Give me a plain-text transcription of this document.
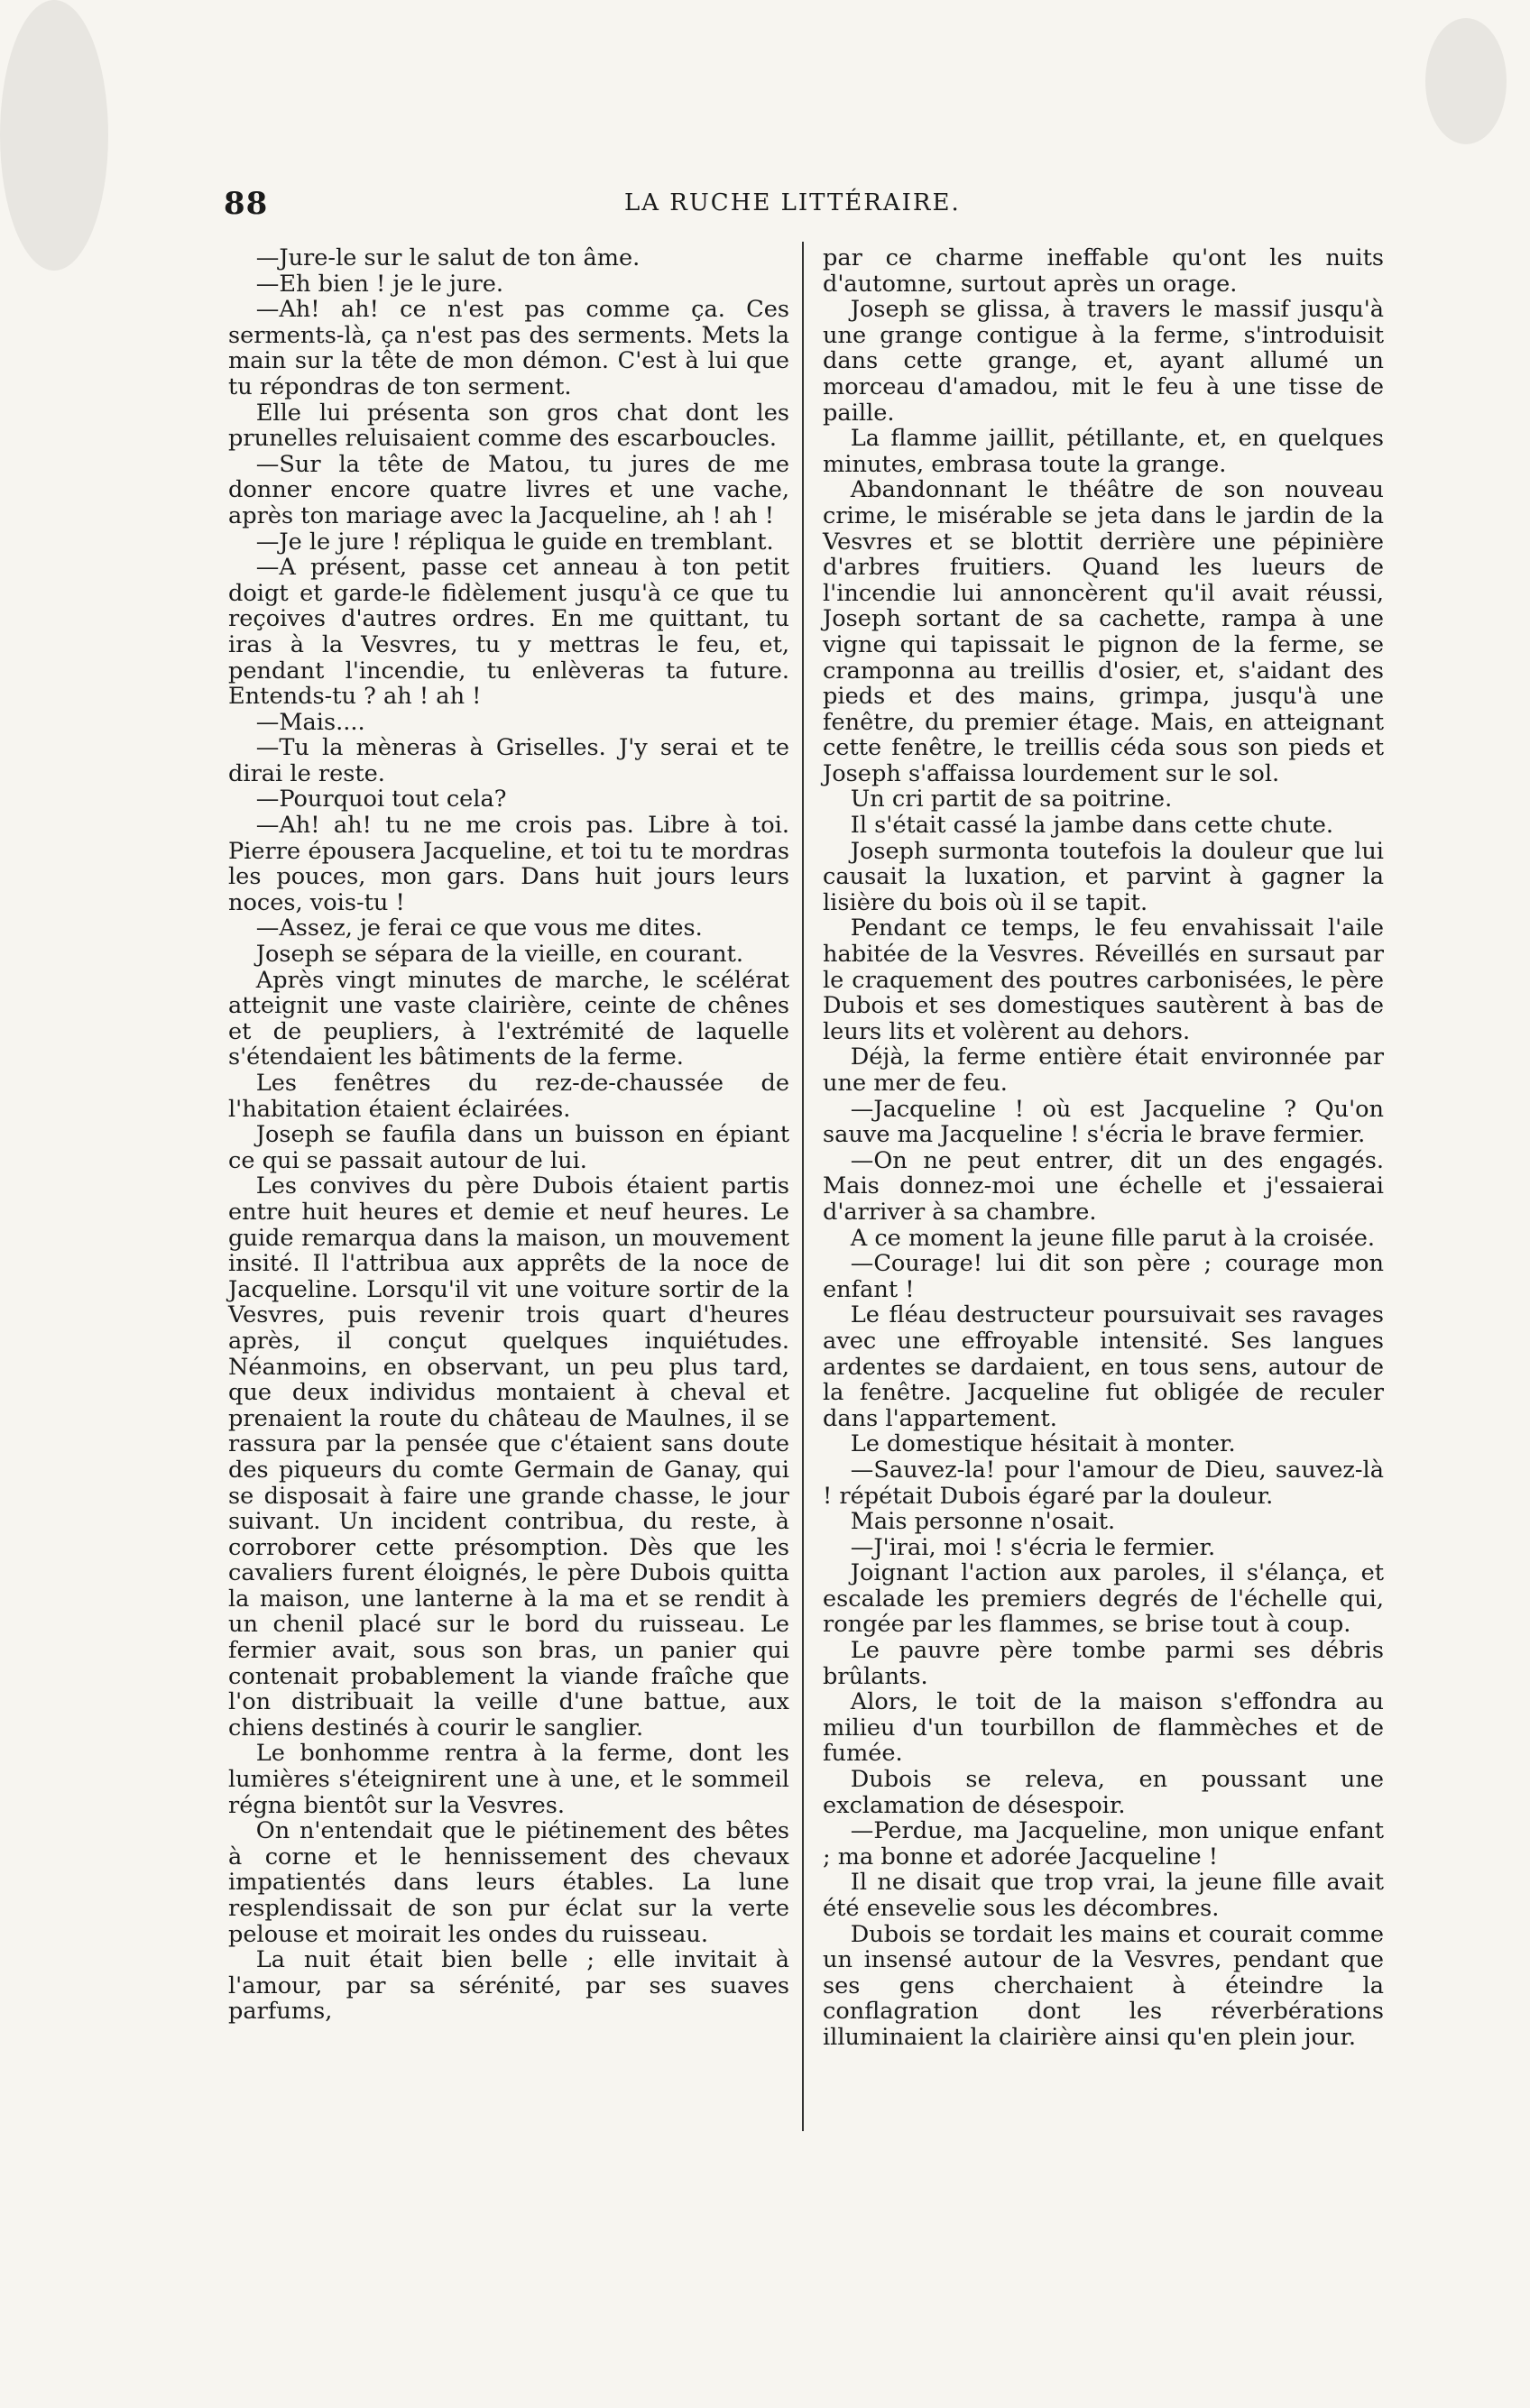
88	LA RUCHE LITTÉRAIRE.

—Jure-le sur le salut de ton âme.

—Eh bien ! je le jure.

—Ah! ah! ce n'est pas comme ça. Ces serments-là, ça n'est pas des serments. Mets la main sur la tête de mon démon. C'est à lui que tu répondras de ton serment.

Elle lui présenta son gros chat dont les prunelles reluisaient comme des escarboucles.

—Sur la tête de Matou, tu jures de me donner encore quatre livres et une vache, après ton mariage avec la Jacqueline, ah ! ah !

—Je le jure ! répliqua le guide en tremblant.

—A présent, passe cet anneau à ton petit doigt et garde-le fidèlement jusqu'à ce que tu reçoives d'autres ordres. En me quittant, tu iras à la Vesvres, tu y mettras le feu, et, pendant l'incendie, tu enlèveras ta future. Entends-tu ? ah ! ah !

—Mais....

—Tu la mèneras à Griselles. J'y serai et te dirai le reste.

—Pourquoi tout cela?

—Ah! ah! tu ne me crois pas. Libre à toi. Pierre épousera Jacqueline, et toi tu te mordras les pouces, mon gars. Dans huit jours leurs noces, vois-tu !

—Assez, je ferai ce que vous me dites.

Joseph se sépara de la vieille, en courant.

Après vingt minutes de marche, le scélérat atteignit une vaste clairière, ceinte de chênes et de peupliers, à l'extrémité de laquelle s'étendaient les bâtiments de la ferme.

Les fenêtres du rez-de-chaussée de l'habitation étaient éclairées.

Joseph se faufila dans un buisson en épiant ce qui se passait autour de lui.

Les convives du père Dubois étaient partis entre huit heures et demie et neuf heures. Le guide remarqua dans la maison, un mouvement insité. Il l'attribua aux apprêts de la noce de Jacqueline. Lorsqu'il vit une voiture sortir de la Vesvres, puis revenir trois quart d'heures après, il conçut quelques inquiétudes. Néanmoins, en observant, un peu plus tard, que deux individus montaient à cheval et prenaient la route du château de Maulnes, il se rassura par la pensée que c'étaient sans doute des piqueurs du comte Germain de Ganay, qui se disposait à faire une grande chasse, le jour suivant. Un incident contribua, du reste, à corroborer cette présomption. Dès que les cavaliers furent éloignés, le père Dubois quitta la maison, une lanterne à la ma et se rendit à un chenil placé sur le bord du ruisseau. Le fermier avait, sous son bras, un panier qui contenait probablement la viande fraîche que l'on distribuait la veille d'une battue, aux chiens destinés à courir le sanglier.

Le bonhomme rentra à la ferme, dont les lumières s'éteignirent une à une, et le sommeil régna bientôt sur la Vesvres.

On n'entendait que le piétinement des bêtes à corne et le hennissement des chevaux impatientés dans leurs étables. La lune resplendissait de son pur éclat sur la verte pelouse et moirait les ondes du ruisseau.

La nuit était bien belle ; elle invitait à l'amour, par sa sérénité, par ses suaves parfums,

par ce charme ineffable qu'ont les nuits d'automne, surtout après un orage.

Joseph se glissa, à travers le massif jusqu'à une grange contigue à la ferme, s'introduisit dans cette grange, et, ayant allumé un morceau d'amadou, mit le feu à une tisse de paille.

La flamme jaillit, pétillante, et, en quelques minutes, embrasa toute la grange.

Abandonnant le théâtre de son nouveau crime, le misérable se jeta dans le jardin de la Vesvres et se blottit derrière une pépinière d'arbres fruitiers. Quand les lueurs de l'incendie lui annoncèrent qu'il avait réussi, Joseph sortant de sa cachette, rampa à une vigne qui tapissait le pignon de la ferme, se cramponna au treillis d'osier, et, s'aidant des pieds et des mains, grimpa, jusqu'à une fenêtre, du premier étage. Mais, en atteignant cette fenêtre, le treillis céda sous son pieds et Joseph s'affaissa lourdement sur le sol.

Un cri partit de sa poitrine.

Il s'était cassé la jambe dans cette chute.

Joseph surmonta toutefois la douleur que lui causait la luxation, et parvint à gagner la lisière du bois où il se tapit.

Pendant ce temps, le feu envahissait l'aile habitée de la Vesvres. Réveillés en sursaut par le craquement des poutres carbonisées, le père Dubois et ses domestiques sautèrent à bas de leurs lits et volèrent au dehors.

Déjà, la ferme entière était environnée par une mer de feu.

—Jacqueline ! où est Jacqueline ? Qu'on sauve ma Jacqueline ! s'écria le brave fermier.

—On ne peut entrer, dit un des engagés. Mais donnez-moi une échelle et j'essaierai d'arriver à sa chambre.

A ce moment la jeune fille parut à la croisée.

—Courage! lui dit son père ; courage mon enfant !

Le fléau destructeur poursuivait ses ravages avec une effroyable intensité. Ses langues ardentes se dardaient, en tous sens, autour de la fenêtre. Jacqueline fut obligée de reculer dans l'appartement.

Le domestique hésitait à monter.

—Sauvez-la! pour l'amour de Dieu, sauvez-là ! répétait Dubois égaré par la douleur.

Mais personne n'osait.

—J'irai, moi ! s'écria le fermier.

Joignant l'action aux paroles, il s'élança, et escalade les premiers degrés de l'échelle qui, rongée par les flammes, se brise tout à coup.

Le pauvre père tombe parmi ses débris brûlants.

Alors, le toit de la maison s'effondra au milieu d'un tourbillon de flammèches et de fumée.

Dubois se releva, en poussant une exclamation de désespoir.

—Perdue, ma Jacqueline, mon unique enfant ; ma bonne et adorée Jacqueline !

Il ne disait que trop vrai, la jeune fille avait été ensevelie sous les décombres.

Dubois se tordait les mains et courait comme un insensé autour de la Vesvres, pendant que ses gens cherchaient à éteindre la conflagration dont les réverbérations illuminaient la clairière ainsi qu'en plein jour.
